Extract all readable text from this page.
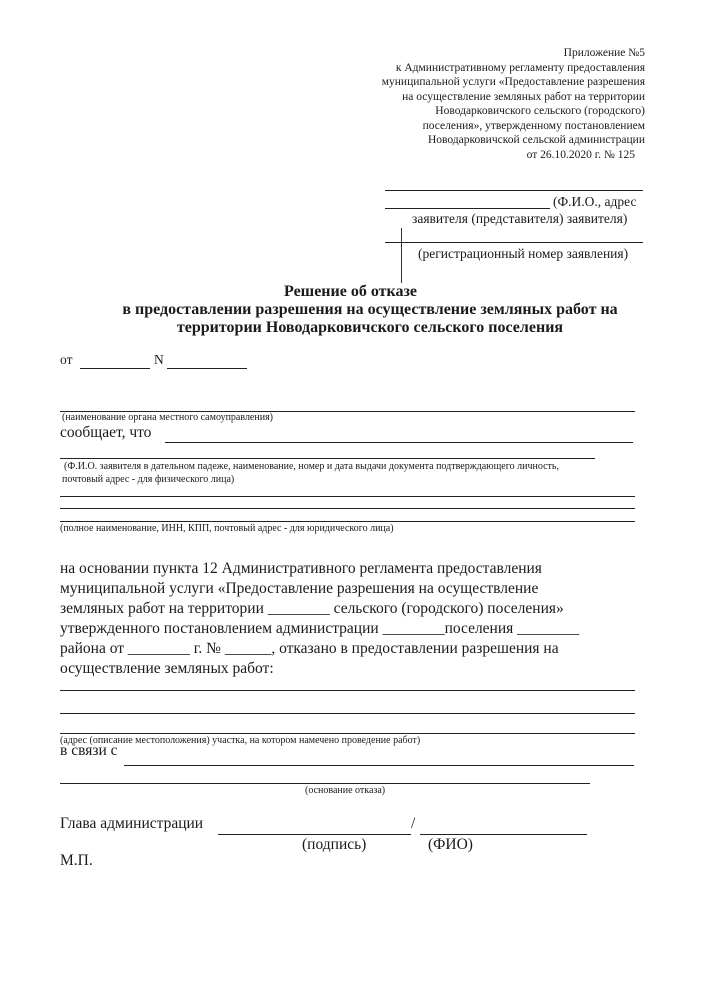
Приложение №5
к Административному регламенту предоставления
муниципальной услуги «Предоставление разрешения
на осуществление земляных работ на территории
Новодарковичского сельского (городского)
поселения», утвержденному постановлением
Новодарковичской сельской администрации
от 26.10.2020 г. № 125
(Ф.И.О., адрес
заявителя (представителя) заявителя)
(регистрационный номер заявления)
Решение об отказе
в предоставлении разрешения на осуществление земляных работ на
территории Новодарковичского сельского поселения
от	N
(наименование органа местного самоуправления)
сообщает, что
(Ф.И.О. заявителя в дательном падеже, наименование, номер и дата выдачи документа подтверждающего личность,
почтовый адрес - для физического лица)
(полное наименование, ИНН, КПП, почтовый адрес - для юридического лица)
на основании пункта 12 Административного регламента предоставления
муниципальной услуги «Предоставление разрешения на осуществление
земляных работ на территории ________ сельского (городского) поселения»
утвержденного постановлением администрации ________поселения ________
района от ________ г. № ______, отказано в предоставлении разрешения на
осуществление земляных работ:
(адрес (описание местоположения) участка, на котором намечено проведение работ)
в связи с
(основание отказа)
Глава администрации	/
(подпись)	(ФИО)
М.П.
